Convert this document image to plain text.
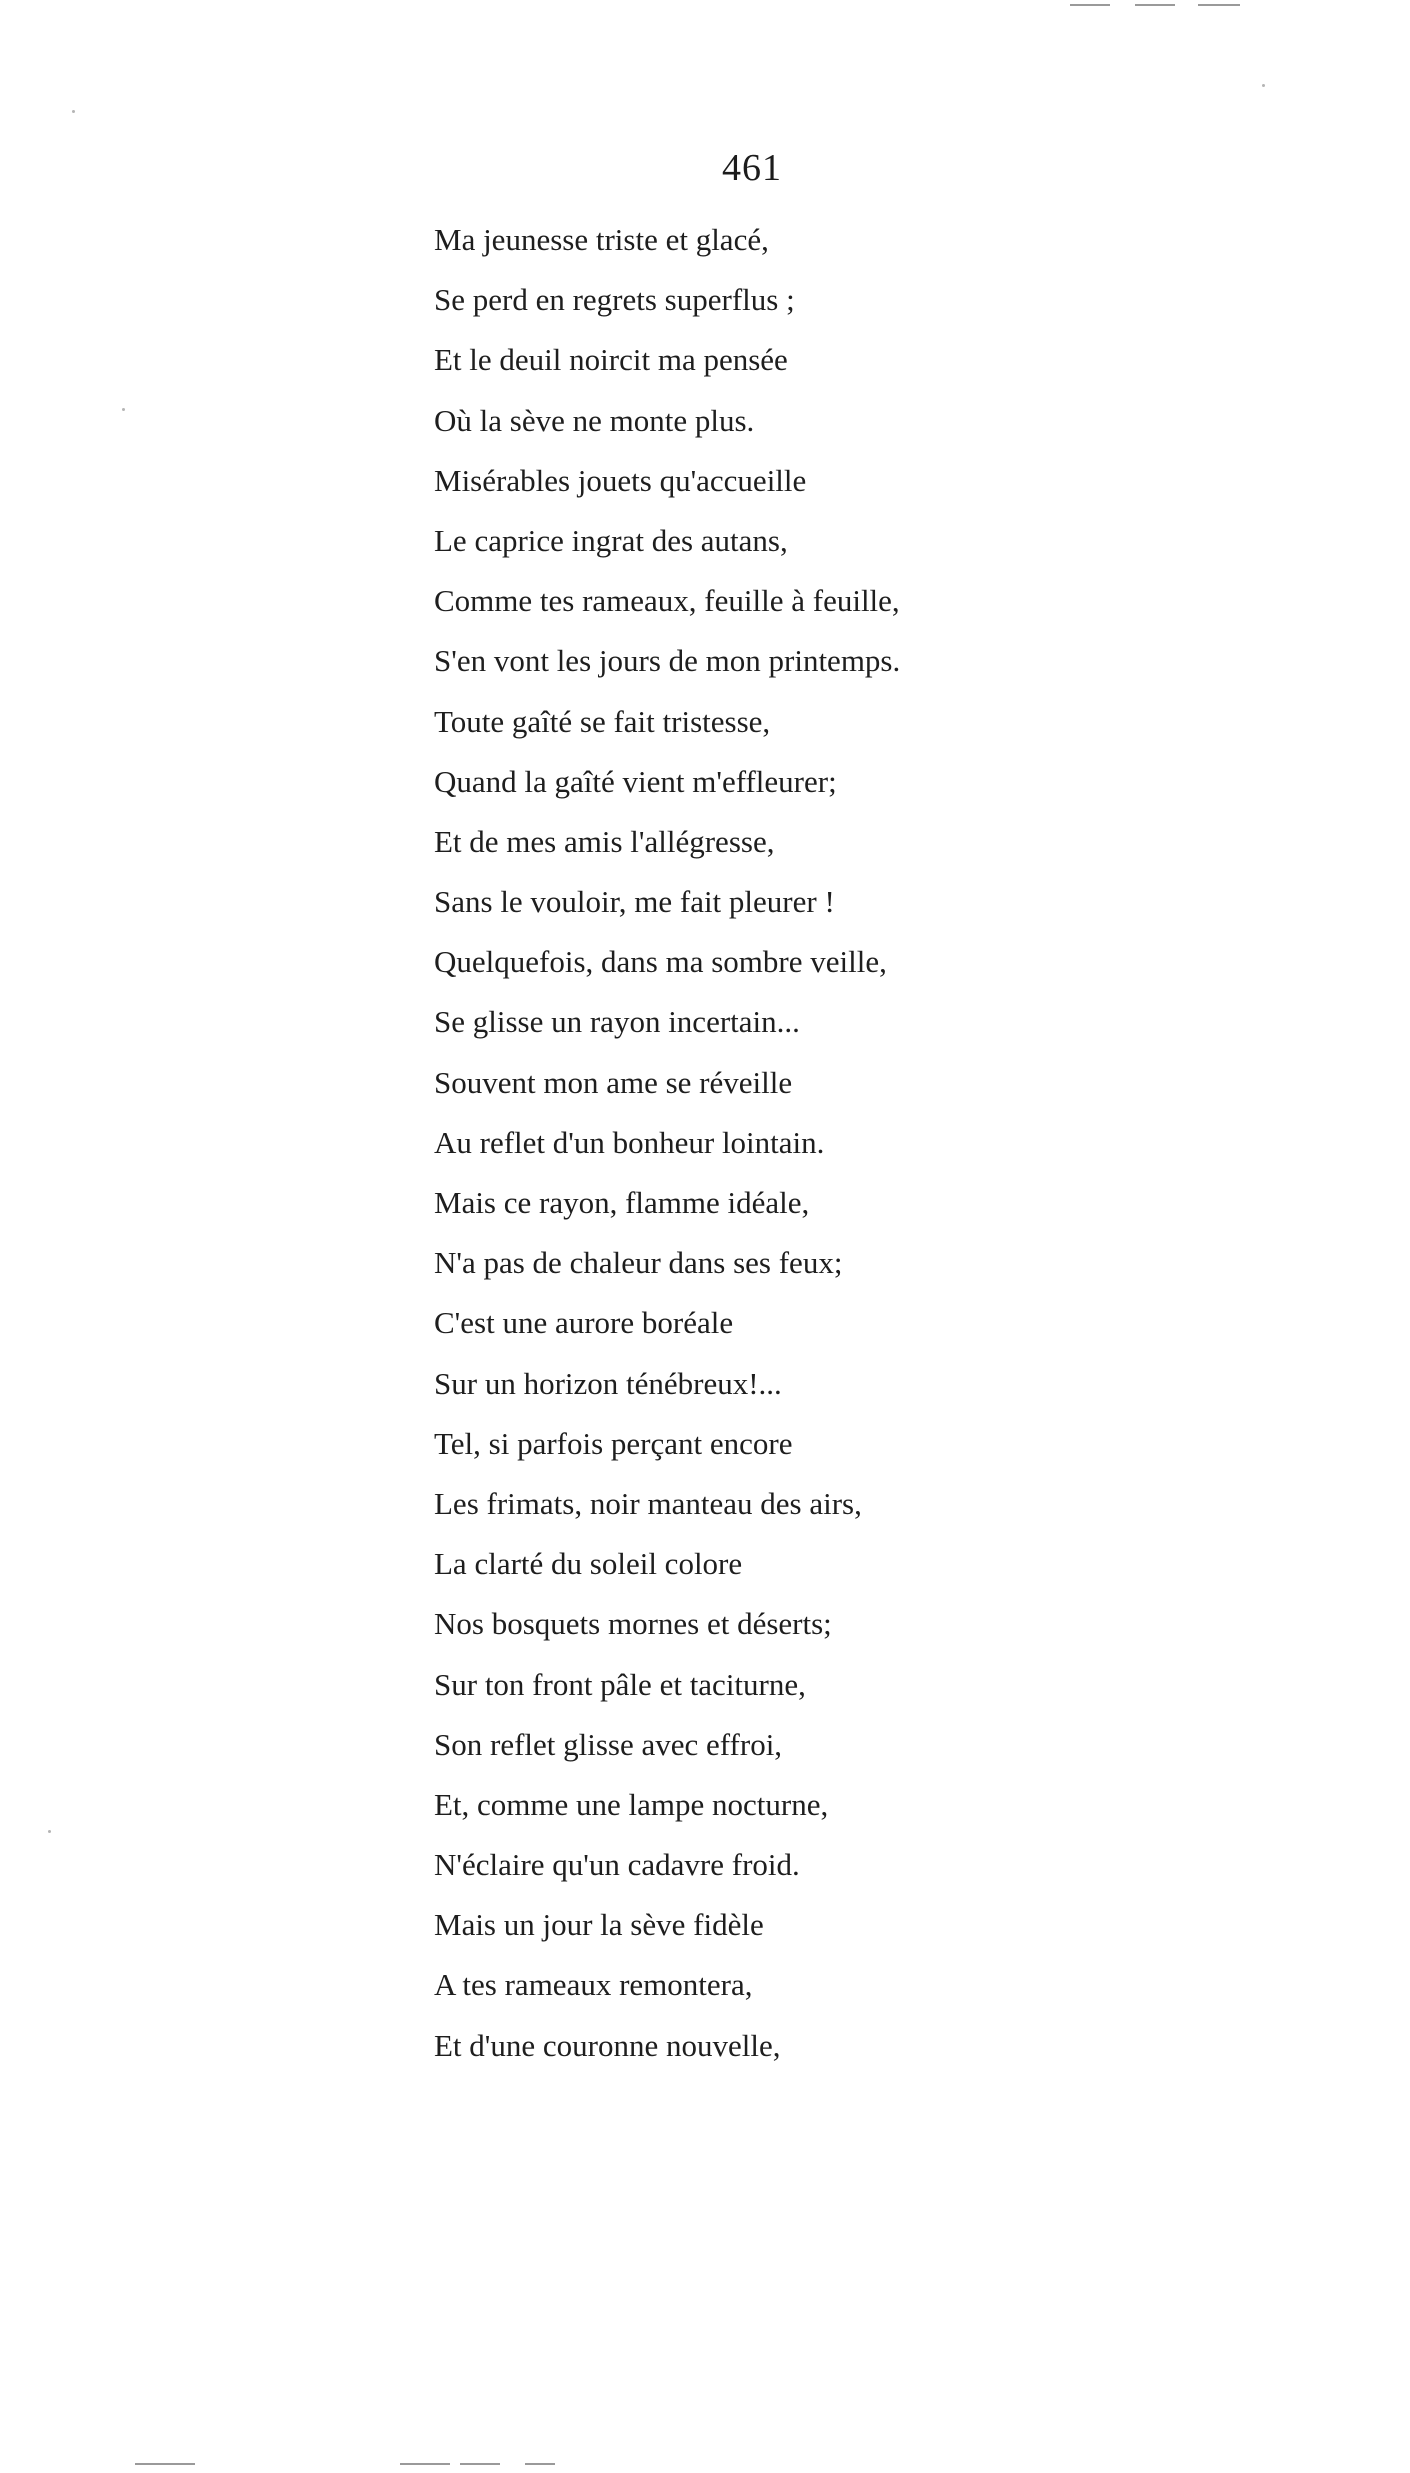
461
Ma jeunesse triste et glacé,
Se perd en regrets superflus ;
Et le deuil noircit ma pensée
Où la sève ne monte plus.
Misérables jouets qu'accueille
Le caprice ingrat des autans,
Comme tes rameaux, feuille à feuille,
S'en vont les jours de mon printemps.
Toute gaîté se fait tristesse,
Quand la gaîté vient m'effleurer;
Et de mes amis l'allégresse,
Sans le vouloir, me fait pleurer !
Quelquefois, dans ma sombre veille,
Se glisse un rayon incertain...
Souvent mon ame se réveille
Au reflet d'un bonheur lointain.
Mais ce rayon, flamme idéale,
N'a pas de chaleur dans ses feux;
C'est une aurore boréale
Sur un horizon ténébreux!...
Tel, si parfois perçant encore
Les frimats, noir manteau des airs,
La clarté du soleil colore
Nos bosquets mornes et déserts;
Sur ton front pâle et taciturne,
Son reflet glisse avec effroi,
Et, comme une lampe nocturne,
N'éclaire qu'un cadavre froid.
Mais un jour la sève fidèle
A tes rameaux remontera,
Et d'une couronne nouvelle,
